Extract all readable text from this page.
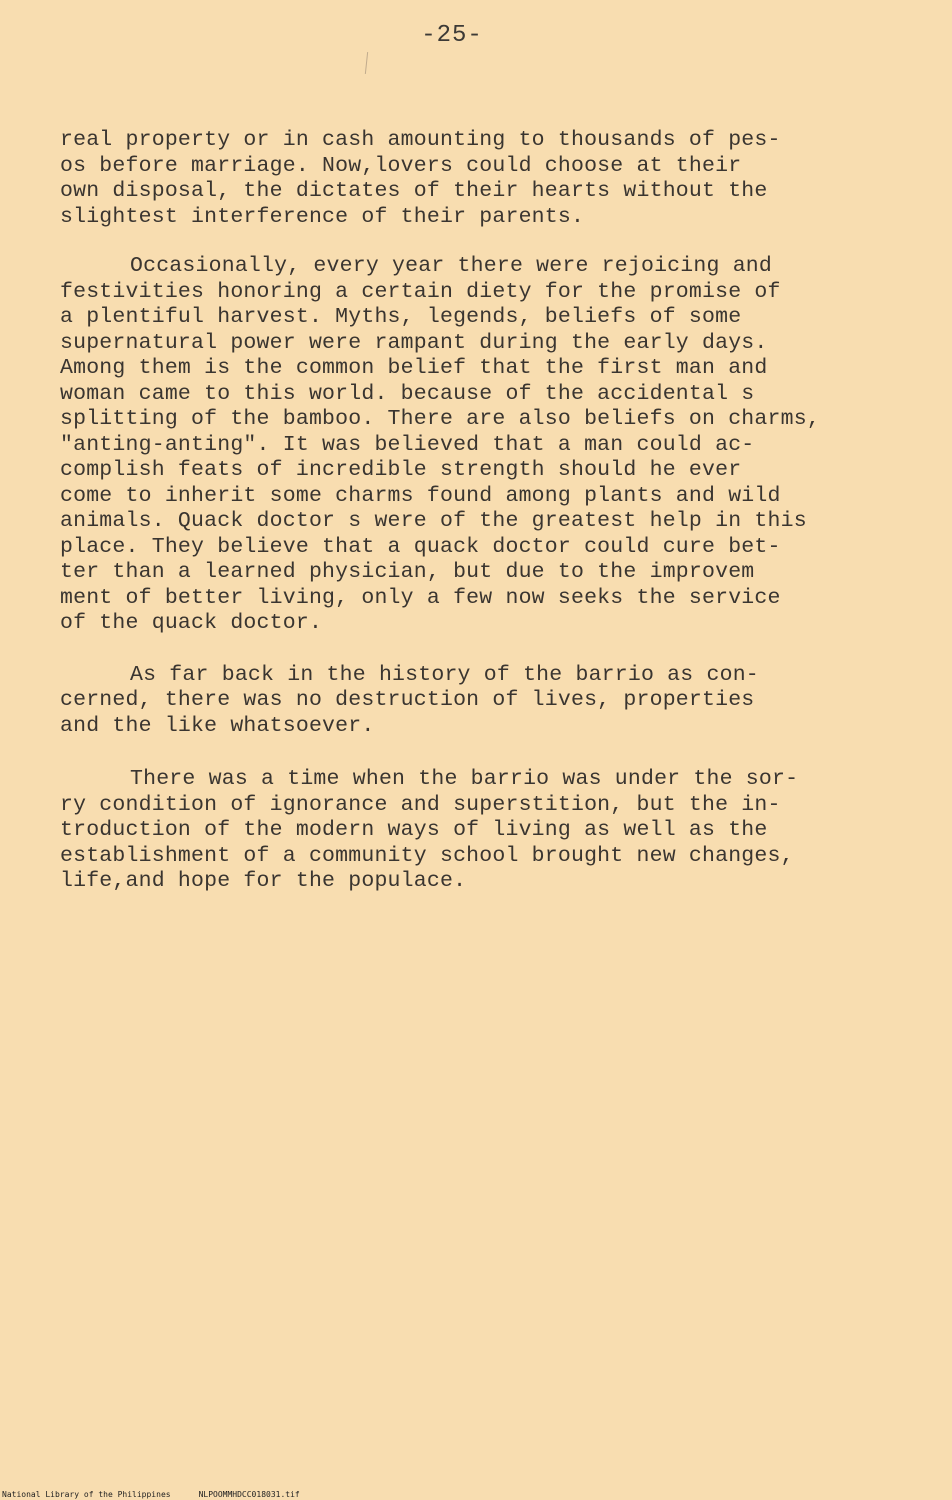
-25-
real property or in cash amounting to thousands of pes-
os before marriage. Now,lovers could choose at their
own disposal, the dictates of their hearts without the
slightest interference of their parents.
Occasionally, every year there were rejoicing and
festivities honoring a certain diety for the promise of
a plentiful harvest. Myths, legends, beliefs of some
supernatural power were rampant during the early days.
Among them is the common belief that the first man and
woman came to this world. because of the accidental s
splitting of the bamboo. There are also beliefs on charms,
"anting-anting". It was believed that a man could ac-
complish feats of incredible strength should he ever
come to inherit some charms found among plants and wild
animals. Quack doctor s were of the greatest help in this
place. They believe that a quack doctor could cure bet-
ter than a learned physician, but due to the improvem
ment of better living, only a few now seeks the service
of the quack doctor.
As far back in the history of the barrio as con-
cerned, there was no destruction of lives, properties
and the like whatsoever.
There was a time when the barrio was under the sor-
ry condition of ignorance and superstition, but the in-
troduction of the modern ways of living as well as the
establishment of a community school brought new changes,
life,and hope for the populace.
National Library of the Philippines	NLPOOMMHDCC018031.tif
